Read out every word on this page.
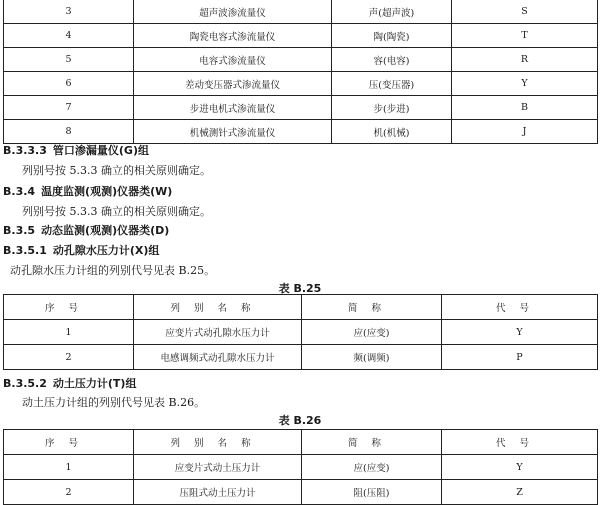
3	超声波渗流量仪	声(超声波)	S
4	陶瓷电容式渗流量仪	陶(陶瓷)	T
5	电容式渗流量仪	容(电容)	R
6	差动变压器式渗流量仪	压(变压器)	Y
7	步进电机式渗流量仪	步(步进)	B
8	机械测针式渗流量仪	机(机械)	J
B.3.3.3 管口渗漏量仪(G)组
列别号按 5.3.3 确立的相关原则确定。
B.3.4 温度监测(观测)仪器类(W)
列别号按 5.3.3 确立的相关原则确定。
B.3.5 动态监测(观测)仪器类(D)
B.3.5.1 动孔隙水压力计(X)组
动孔隙水压力计组的列别代号见表 B.25。
表 B.25
序号	列别名称	简称	代号
1	应变片式动孔隙水压力计	应(应变)	Y
2	电感调频式动孔隙水压力计	频(调频)	P
B.3.5.2 动土压力计(T)组
动土压力计组的列别代号见表 B.26。
表 B.26
序号	列别名称	简称	代号
1	应变片式动土压力计	应(应变)	Y
2	压阻式动土压力计	阻(压阻)	Z
